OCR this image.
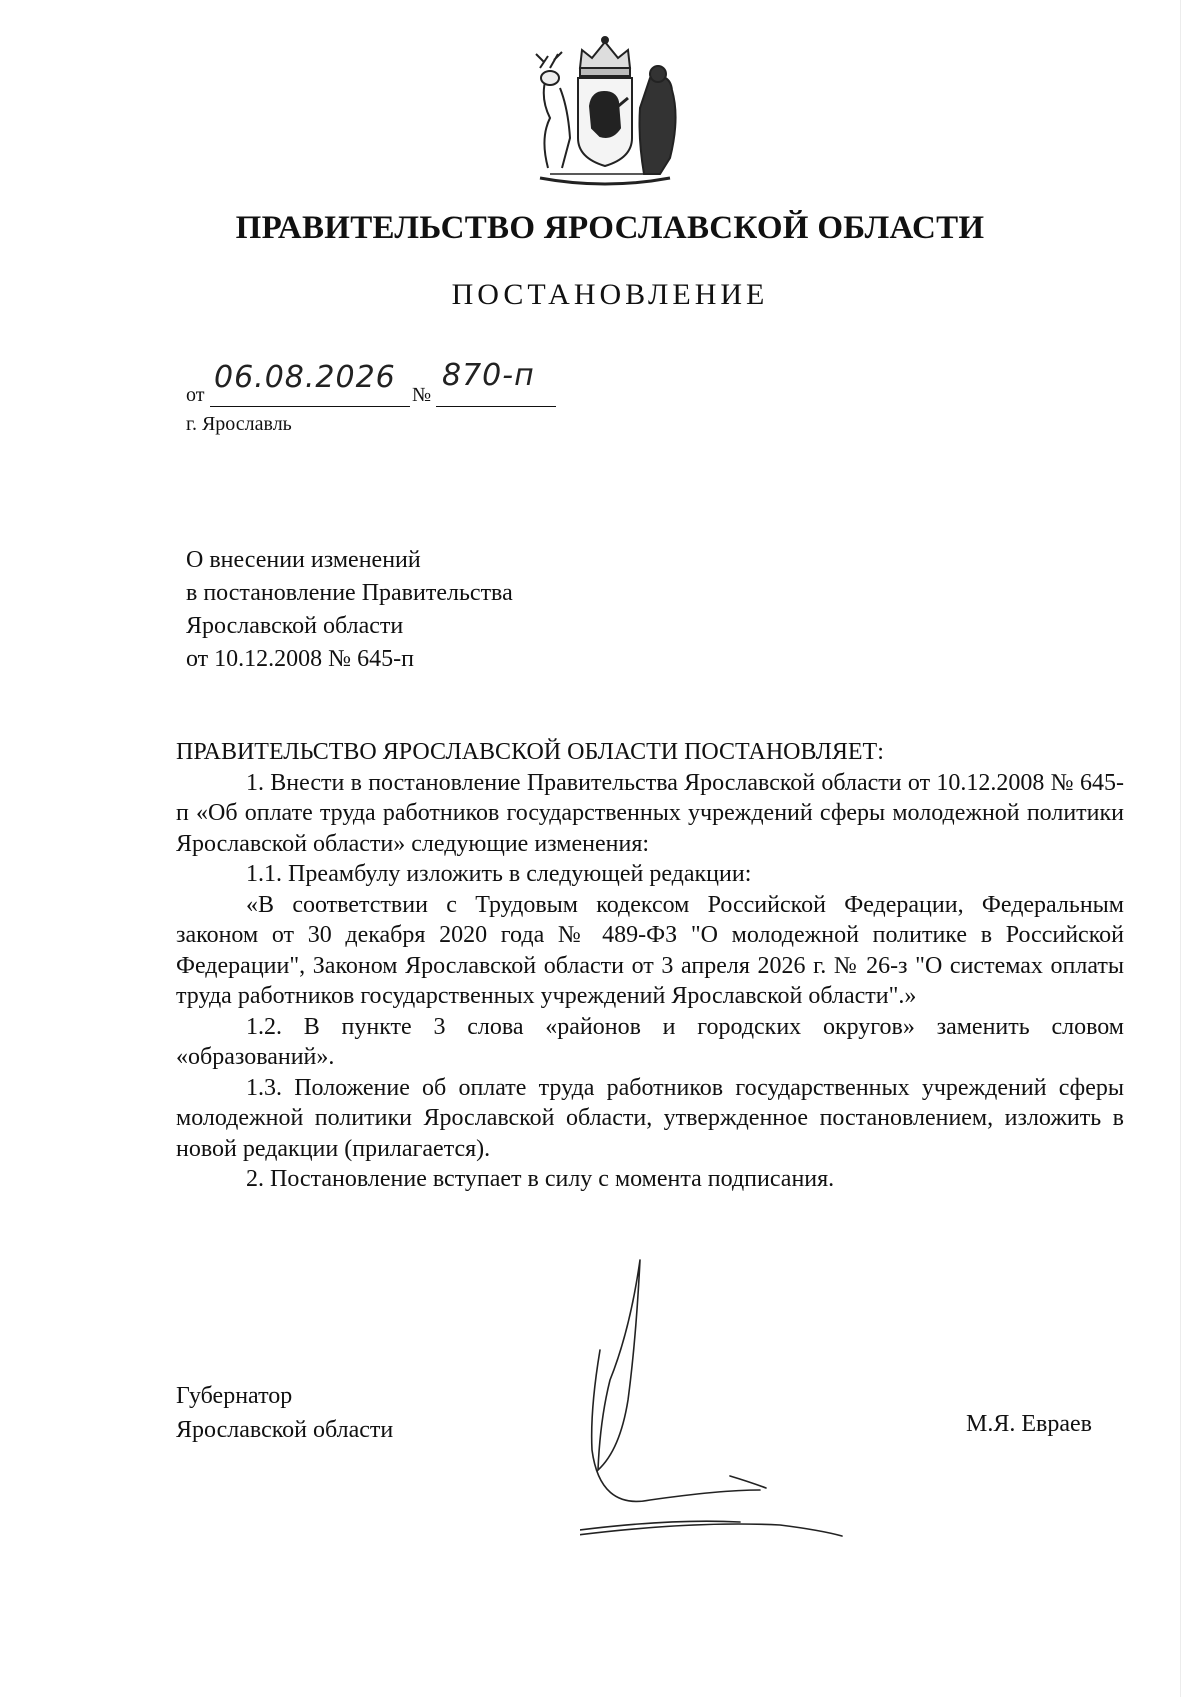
ПРАВИТЕЛЬСТВО ЯРОСЛАВСКОЙ ОБЛАСТИ
ПОСТАНОВЛЕНИЕ
от 06.08.2026 №
870-п
г. Ярославль
О внесении изменений
в постановление Правительства
Ярославской области
от 10.12.2008 № 645-п
ПРАВИТЕЛЬСТВО ЯРОСЛАВСКОЙ ОБЛАСТИ ПОСТАНОВЛЯЕТ:

1. Внести в постановление Правительства Ярославской области от 10.12.2008 № 645-п «Об оплате труда работников государственных учреждений сферы молодежной политики Ярославской области» следующие изменения:

1.1. Преамбулу изложить в следующей редакции:

«В соответствии с Трудовым кодексом Российской Федерации, Федеральным законом от 30 декабря 2020 года № 489-ФЗ "О молодежной политике в Российской Федерации", Законом Ярославской области от 3 апреля 2026 г. № 26-з "О системах оплаты труда работников государственных учреждений Ярославской области".»

1.2. В пункте 3 слова «районов и городских округов» заменить словом «образований».

1.3. Положение об оплате труда работников государственных учреждений сферы молодежной политики Ярославской области, утвержденное постановлением, изложить в новой редакции (прилагается).

2. Постановление вступает в силу с момента подписания.

Губернатор
Ярославской области	М.Я. Евраев
